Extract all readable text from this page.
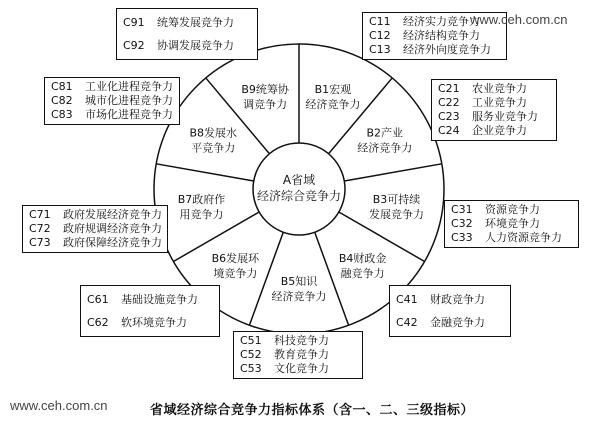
A省域
经济综合竞争力
B1宏观
经济竞争力
B2产业
经济竞争力
B3可持续
发展竞争力
B4财政金
融竞争力
B5知识
经济竞争力
B6发展环
境竞争力
B7政府作
用竞争力
B8发展水
平竞争力
B9统筹协
调竞争力
C11	经济实力竞争力
C12	经济结构竞争力
C13	经济外向度竞争力
C21	农业竞争力
C22	工业竞争力
C23	服务业竞争力
C24	企业竞争力
C31	资源竞争力
C32	环境竞争力
C33	人力资源竞争力
C41	财政竞争力
C42	金融竞争力
C51	科技竞争力
C52	教育竞争力
C53	文化竞争力
C61	基础设施竞争力
C62	软环境竞争力
C71	政府发展经济竞争力
C72	政府规调经济竞争力
C73	政府保障经济竞争力
C81	工业化进程竞争力
C82	城市化进程竞争力
C83	市场化进程竞争力
C91	统筹发展竞争力
C92	协调发展竞争力
www.ceh.com.cn
www.ceh.com.cn	省域经济综合竞争力指标体系（含一、二、三级指标）
